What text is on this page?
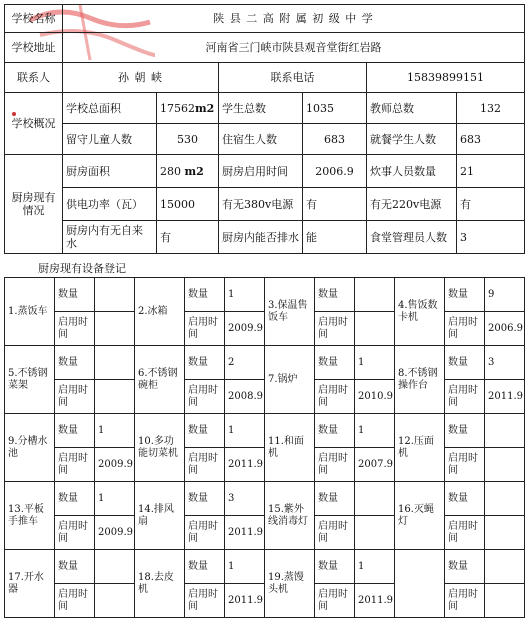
学校名称	陕 县 二 高 附 属 初 级 中 学					
学校地址	河南省三门峡市陕县观音堂街红岩路					
联系人	孙 朝 峡		联系电话		15839899151	
学校概况	学校总面积	17562m2	学生总数	1035	教师总数	132
	留守儿童人数	530	住宿生人数	683	就餐学生人数	683
厨房现有情况	厨房面积	280 m2	厨房启用时间	2006.9	炊事人员数量	21
	供电功率（瓦）	15000	有无380v电源	有	有无220v电源	有
	厨房内有无自来水	有	厨房内能否排水	能	食堂管理员人数	3
厨房现有设备登记
1.蒸饭车	数量		2.冰箱	数量	1	3.保温售饭车	数量		4.售饭数卡机	数量	9
	启用时间			启用时间	2009.9		启用时间			启用时间	2006.9
5.不锈钢菜架	数量		6.不锈钢碗柜	数量	2	7.锅炉	数量	1	8.不锈钢操作台	数量	3
	启用时间			启用时间	2008.9		启用时间	2010.9		启用时间	2011.9
9.分槽水池	数量	1	10.多功能切菜机	数量	1	11.和面机	数量	1	12.压面机	数量	
	启用时间	2009.9		启用时间	2011.9		启用时间	2007.9		启用时间	
13.平板手推车	数量	1	14.排风扇	数量	3	15.紫外线消毒灯	数量		16.灭蝇灯	数量	
	启用时间	2009.9		启用时间	2011.9		启用时间			启用时间	
17.开水器	数量		18.去皮机	数量	1	19.蒸馒头机	数量	1		数量	
	启用时间			启用时间	2011.9		启用时间	2011.9		启用时间	
